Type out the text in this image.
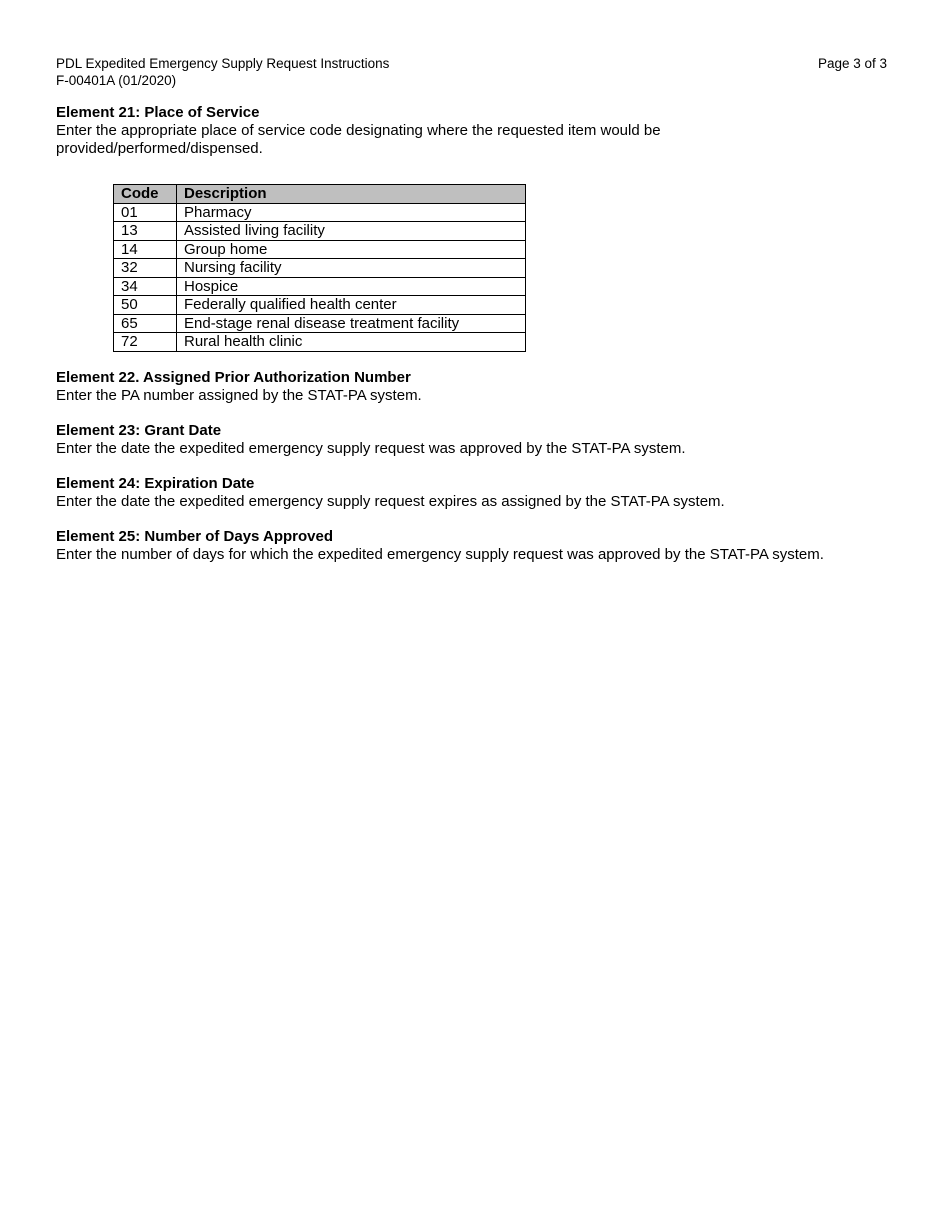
PDL Expedited Emergency Supply Request Instructions
F-00401A (01/2020)
Page 3 of 3
Element 21: Place of Service

Enter the appropriate place of service code designating where the requested item would be provided/performed/dispensed.

Code	Description
01	Pharmacy
13	Assisted living facility
14	Group home
32	Nursing facility
34	Hospice
50	Federally qualified health center
65	End-stage renal disease treatment facility
72	Rural health clinic
Element 22. Assigned Prior Authorization Number

Enter the PA number assigned by the STAT-PA system.

Element 23: Grant Date

Enter the date the expedited emergency supply request was approved by the STAT-PA system.

Element 24: Expiration Date

Enter the date the expedited emergency supply request expires as assigned by the STAT-PA system.

Element 25: Number of Days Approved

Enter the number of days for which the expedited emergency supply request was approved by the STAT-PA system.
